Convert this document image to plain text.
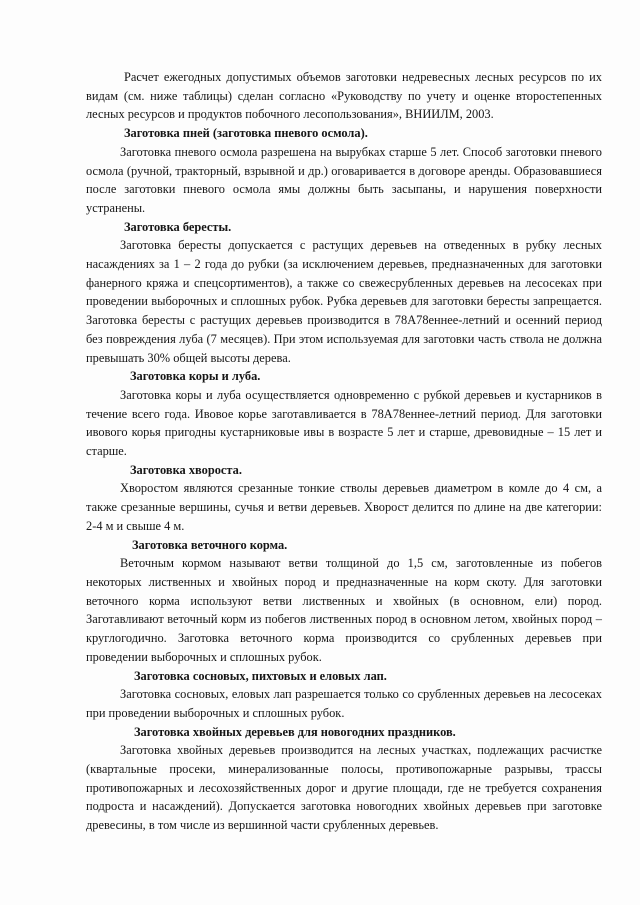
Расчет ежегодных допустимых объемов заготовки недревесных лесных ресурсов по их видам (см. ниже таблицы) сделан согласно «Руководству по учету и оценке второстепенных лесных ресурсов и продуктов побочного лесопользования», ВНИИЛМ, 2003.

Заготовка пней (заготовка пневого осмола).

Заготовка пневого осмола разрешена на вырубках старше 5 лет. Способ заготовки пневого осмола (ручной, тракторный, взрывной и др.) оговаривается в договоре аренды. Образовавшиеся после заготовки пневого осмола ямы должны быть засыпаны, и нарушения поверхности устранены.

Заготовка бересты.

Заготовка бересты допускается с растущих деревьев на отведенных в рубку лесных насаждениях за 1 – 2 года до рубки (за исключением деревьев, предназначенных для заготовки фанерного кряжа и спецсортиментов), а также со свежесрубленных деревьев на лесосеках при проведении выборочных и сплошных рубок. Рубка деревьев для заготовки бересты запрещается. Заготовка бересты с растущих деревьев производится в 78А78еннее-летний и осенний период без повреждения луба (7 месяцев). При этом используемая для заготовки часть ствола не должна превышать 30% общей высоты дерева.

Заготовка коры и луба.

Заготовка коры и луба осуществляется одновременно с рубкой деревьев и кустарников в течение всего года. Ивовое корье заготавливается в 78А78еннее-летний период. Для заготовки ивового корья пригодны кустарниковые ивы в возрасте 5 лет и старше, древовидные – 15 лет и старше.

Заготовка хвороста.

Хворостом являются срезанные тонкие стволы деревьев диаметром в комле до 4 см, а также срезанные вершины, сучья и ветви деревьев. Хворост делится по длине на две категории: 2-4 м и свыше 4 м.

Заготовка веточного корма.

Веточным кормом называют ветви толщиной до 1,5 см, заготовленные из побегов некоторых лиственных и хвойных пород и предназначенные на корм скоту. Для заготовки веточного корма используют ветви лиственных и хвойных (в основном, ели) пород. Заготавливают веточный корм из побегов лиственных пород в основном летом, хвойных пород – круглогодично. Заготовка веточного корма производится со срубленных деревьев при проведении выборочных и сплошных рубок.

Заготовка сосновых, пихтовых и еловых лап.

Заготовка сосновых, еловых лап разрешается только со срубленных деревьев на лесосеках при проведении выборочных и сплошных рубок.

Заготовка хвойных деревьев для новогодних праздников.

Заготовка хвойных деревьев производится на лесных участках, подлежащих расчистке (квартальные просеки, минерализованные полосы, противопожарные разрывы, трассы противопожарных и лесохозяйственных дорог и другие площади, где не требуется сохранения подроста и насаждений). Допускается заготовка новогодних хвойных деревьев при заготовке древесины, в том числе из вершинной части срубленных деревьев.
